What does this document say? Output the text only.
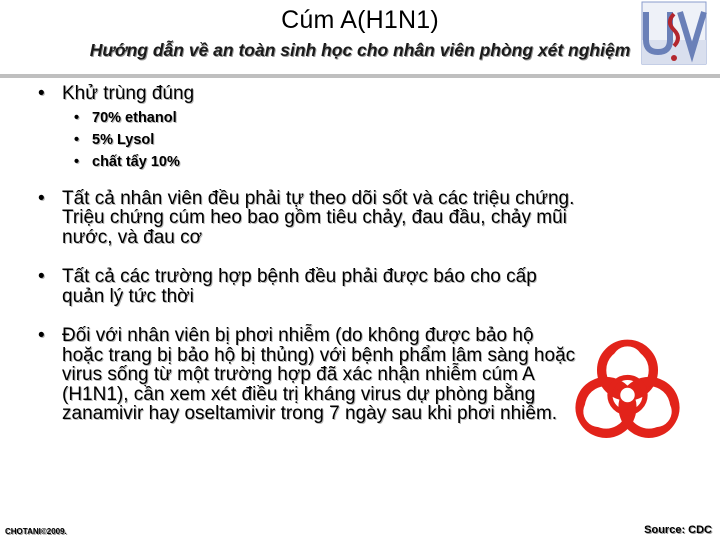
Cúm A(H1N1)
Hướng dẫn về an toàn sinh học cho nhân viên phòng xét nghiệm
• Khử trùng đúng
• 70% ethanol
• 5% Lysol
• chất tẩy 10%
• Tất cả nhân viên đều phải tự theo dõi sốt và các triệu chứng. Triệu chứng cúm heo bao gồm tiêu chảy, đau đầu, chảy mũi nước, và đau cơ
• Tất cả các trường hợp bệnh đều phải được báo cho cấp quản lý tức thời
• Đối với nhân viên bị phơi nhiễm (do không được bảo hộ hoặc trang bị bảo hộ bị thủng) với bệnh phẩm lâm sàng hoặc virus sống từ một trường hợp đã xác nhận nhiễm cúm A (H1N1), cần xem xét điều trị kháng virus dự phòng bằng zanamivir hay oseltamivir trong 7 ngày sau khi phơi nhiễm.
CHOTANI©2009.	Source: CDC
